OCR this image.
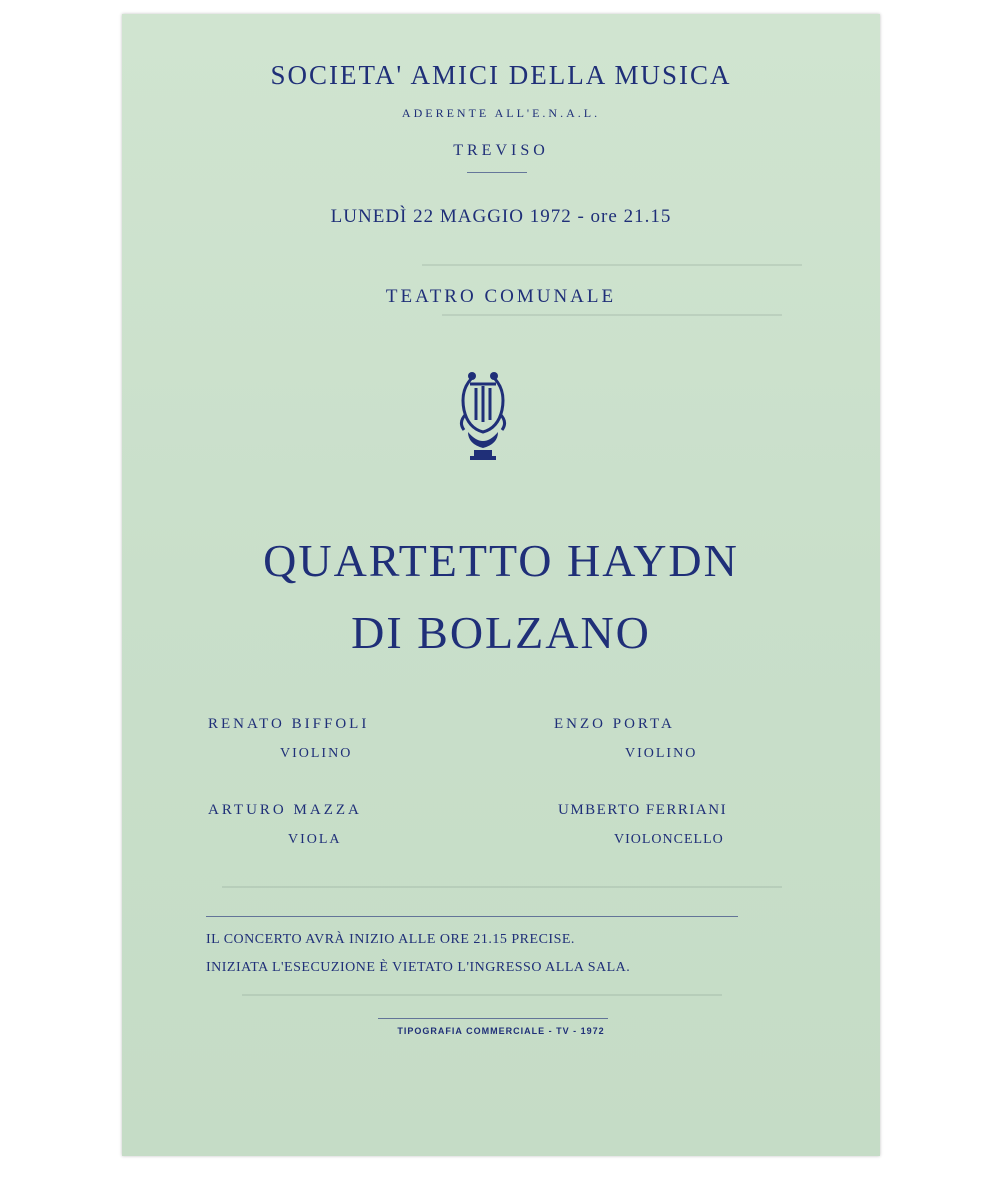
SOCIETA' AMICI DELLA MUSICA
ADERENTE ALL'E.N.A.L.
TREVISO
LUNEDÌ 22 MAGGIO 1972 - ore 21.15
TEATRO COMUNALE
QUARTETTO HAYDN
DI BOLZANO
RENATO BIFFOLI
VIOLINO
ENZO PORTA
VIOLINO
ARTURO MAZZA
VIOLA
UMBERTO FERRIANI
VIOLONCELLO
IL CONCERTO AVRÀ INIZIO ALLE ORE 21.15 PRECISE.
INIZIATA L'ESECUZIONE È VIETATO L'INGRESSO ALLA SALA.
TIPOGRAFIA COMMERCIALE - TV - 1972
